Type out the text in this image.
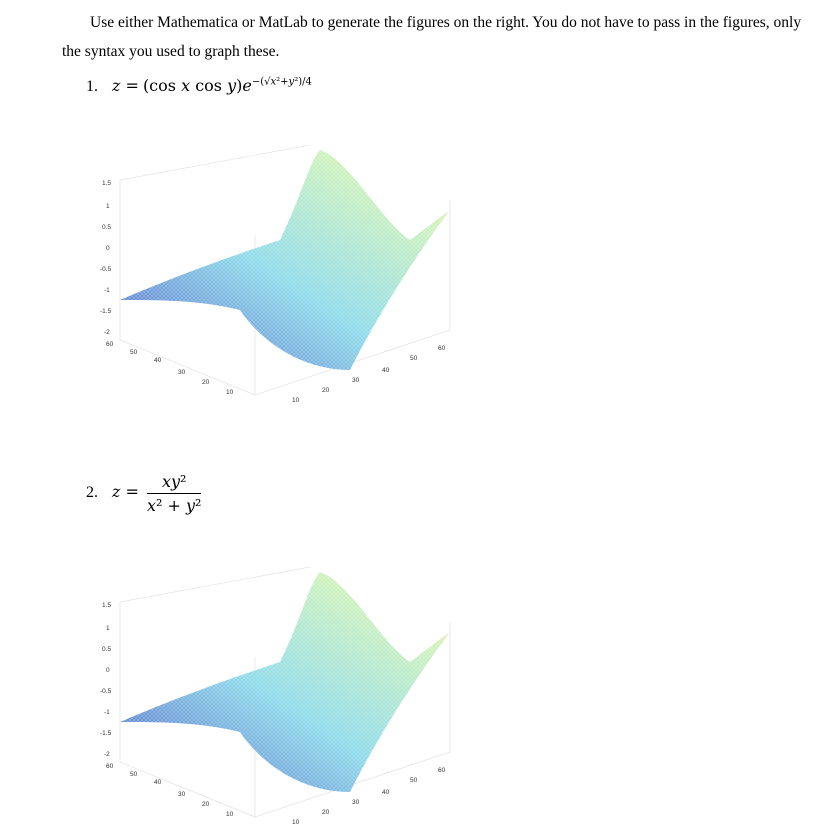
Use either Mathematica or MatLab to generate the figures on the right. You do not have to pass in the figures, only the syntax you used to graph these.

1. z = (cos x $\cos y)e^{-(√x^2+y^2)/4}$
2. $z = \frac{\text{xy²}}{\text{x² + y²}}$
1.5
1
0.5
0
-0.5
-1
-1.5
-2
60
50
40
30
20
10
10
20
30
40
50
60
1.5
1
0.5
0
-0.5
-1
-1.5
-2
60
50
40
30
20
10
10
20
30
40
50
60
